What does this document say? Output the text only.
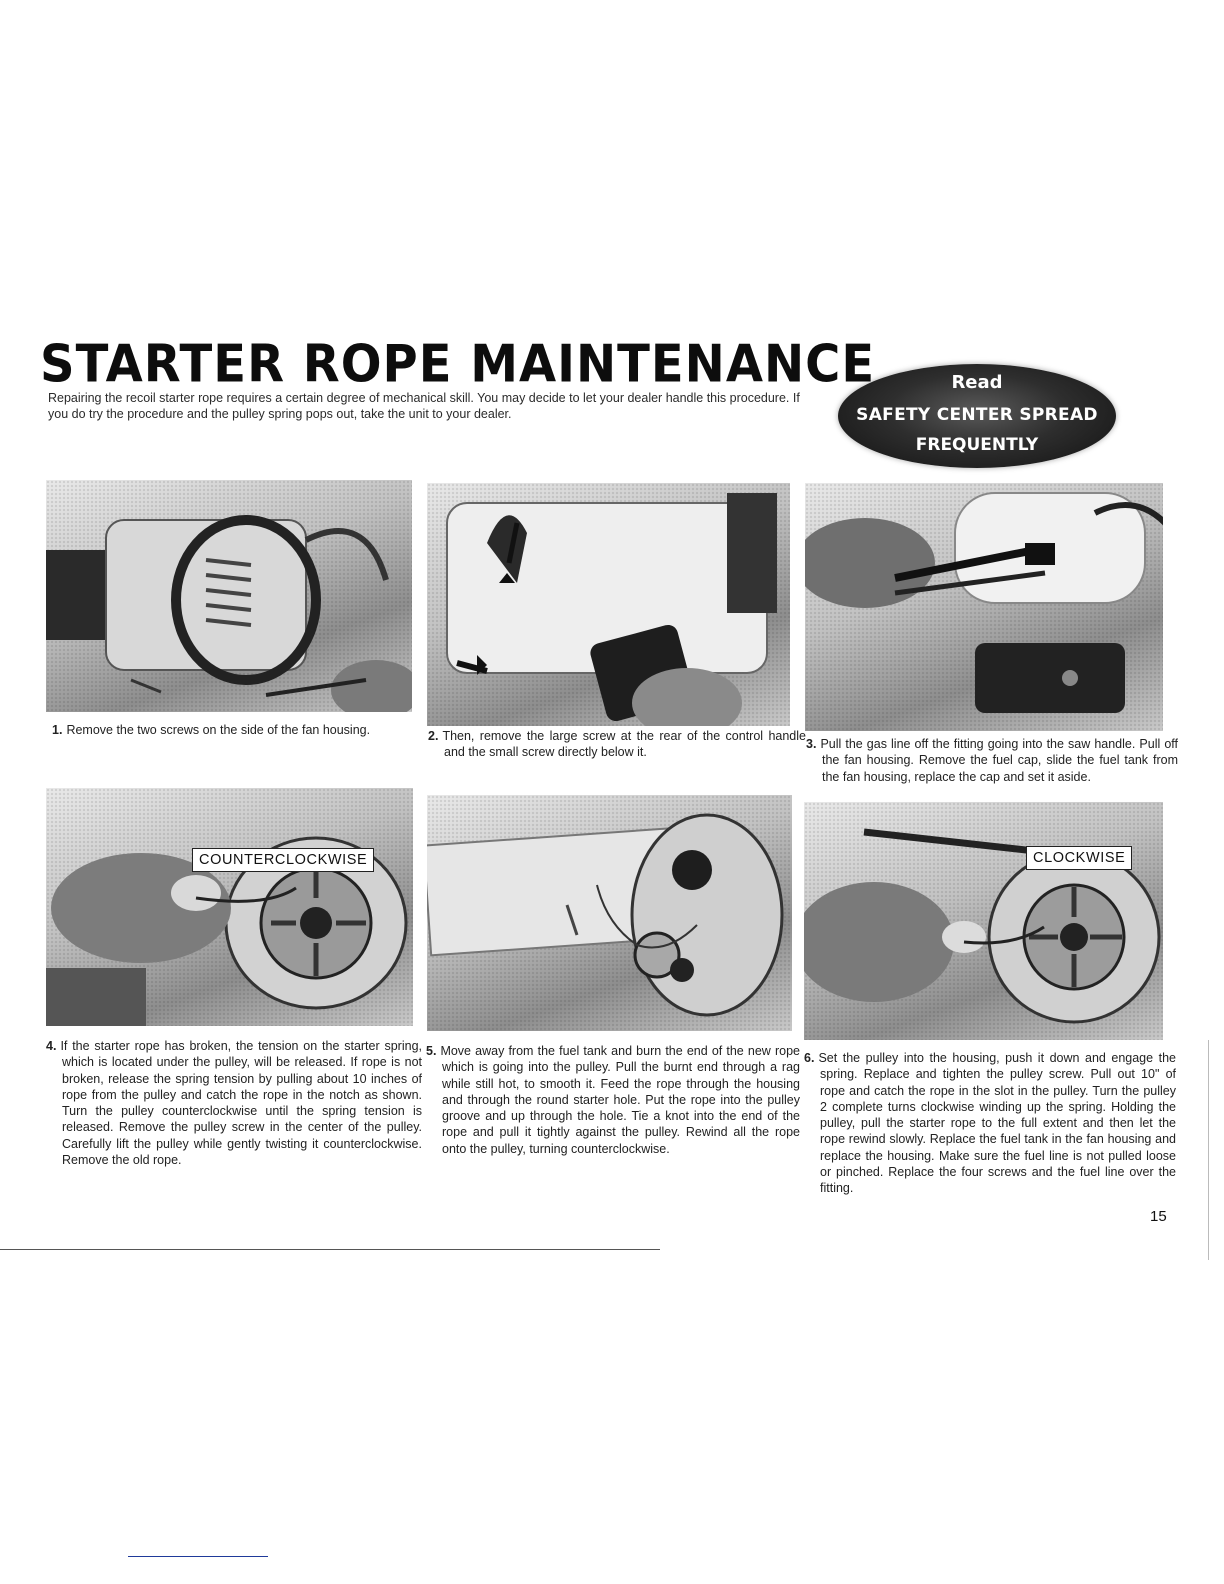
STARTER ROPE MAINTENANCE

Repairing the recoil starter rope requires a certain degree of mechanical skill. You may decide to let your dealer handle this procedure. If you do try the procedure and the pulley spring pops out, take the unit to your dealer.

Read
SAFETY CENTER SPREAD
FREQUENTLY
COUNTERCLOCKWISE	CLOCKWISE

1. Remove the two screws on the side of the fan housing.	2. Then, remove the large screw at the rear of the control handle and the small screw directly below it.

3. Pull the gas line off the fitting going into the saw handle. Pull off the fan housing. Remove the fuel cap, slide the fuel tank from the fan housing, replace the cap and set it aside.

4. If the starter rope has broken, the tension on the starter spring, which is located under the pulley, will be released. If rope is not broken, release the spring tension by pulling about 10 inches of rope from the pulley and catch the rope in the notch as shown. Turn the pulley counterclockwise until the spring tension is released. Remove the pulley screw in the center of the pulley. Carefully lift the pulley while gently twisting it counterclockwise. Remove the old rope.

5. Move away from the fuel tank and burn the end of the new rope which is going into the pulley. Pull the burnt end through a rag while still hot, to smooth it. Feed the rope through the housing and through the round starter hole. Put the rope into the pulley groove and up through the hole. Tie a knot into the end of the rope and pull it tightly against the pulley. Rewind all the rope onto the pulley, turning counterclockwise.

6. Set the pulley into the housing, push it down and engage the spring. Replace and tighten the pulley screw. Pull out 10" of rope and catch the rope in the slot in the pulley. Turn the pulley 2 complete turns clockwise winding up the spring. Holding the pulley, pull the starter rope to the full extent and then let the rope rewind slowly. Replace the fuel tank in the fan housing and replace the housing. Make sure the fuel line is not pulled loose or pinched. Replace the four screws and the fuel line over the fitting.

15
